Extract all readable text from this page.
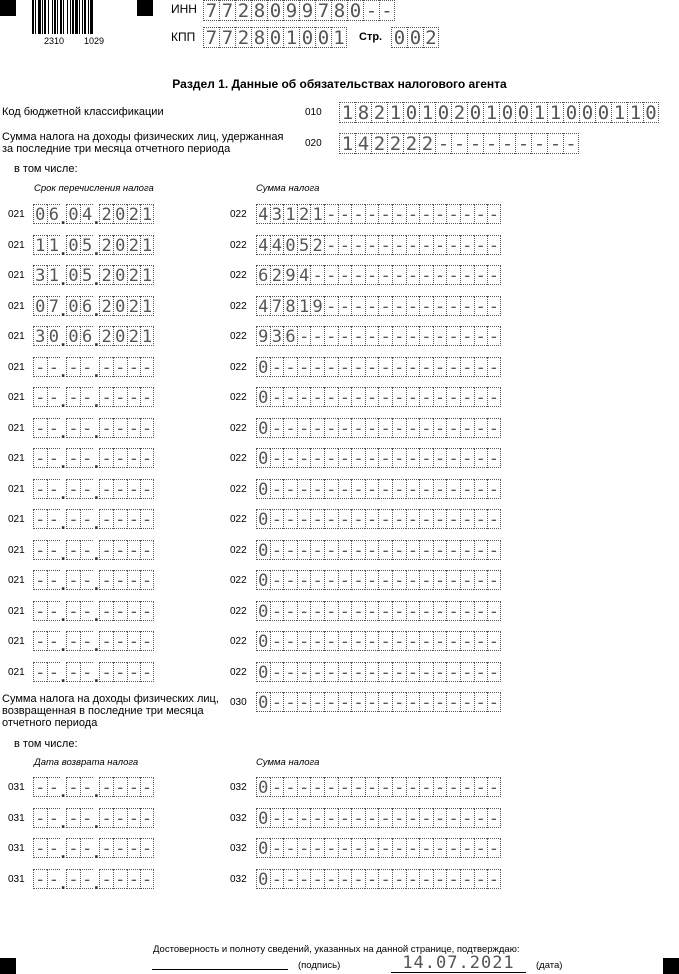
2310 1029
ИНН 7 7 2 8 0 9 9 7 8 0 - -
КПП 7 7 2 8 0 1 0 0 1 Стр. 0 0 2
Раздел 1. Данные об обязательствах налогового агента
Код бюджетной классификации	010 1 8 2 1 0 1 0 2 0 1 0 0 1 1 0 0 0 1 1 0
Сумма налога на доходы физических лиц, удержанная
за последние три месяца отчетного периода	020 1 4 2 2 2 2 - - - - - - - - -
в том числе:
Срок перечисления налога	Сумма налога
021 0 6 . 0 4 . 2 0 2 1	022 4 3 1 2 1 - - - - - - - - - - - - -
021 1 1 . 0 5 . 2 0 2 1	022 4 4 0 5 2 - - - - - - - - - - - - -
021 3 1 . 0 5 . 2 0 2 1	022 6 2 9 4 - - - - - - - - - - - - - -
021 0 7 . 0 6 . 2 0 2 1	022 4 7 8 1 9 - - - - - - - - - - - - -
021 3 0 . 0 6 . 2 0 2 1	022 9 3 6 - - - - - - - - - - - - - - -
021 - - . - - . - - - -	022 0 - - - - - - - - - - - - - - - - -
021 - - . - - . - - - -	022 0 - - - - - - - - - - - - - - - - -
021 - - . - - . - - - -	022 0 - - - - - - - - - - - - - - - - -
021 - - . - - . - - - -	022 0 - - - - - - - - - - - - - - - - -
021 - - . - - . - - - -	022 0 - - - - - - - - - - - - - - - - -
021 - - . - - . - - - -	022 0 - - - - - - - - - - - - - - - - -
021 - - . - - . - - - -	022 0 - - - - - - - - - - - - - - - - -
021 - - . - - . - - - -	022 0 - - - - - - - - - - - - - - - - -
021 - - . - - . - - - -	022 0 - - - - - - - - - - - - - - - - -
021 - - . - - . - - - -	022 0 - - - - - - - - - - - - - - - - -
021 - - . - - . - - - -	022 0 - - - - - - - - - - - - - - - - -
Сумма налога на доходы физических лиц,
возвращенная в последние три месяца
отчетного периода
030 0 - - - - - - - - - - - - - - - - -
в том числе:
Дата возврата налога	Сумма налога
031 - - . - - . - - - -	032 0 - - - - - - - - - - - - - - - - -
031 - - . - - . - - - -	032 0 - - - - - - - - - - - - - - - - -
031 - - . - - . - - - -	032 0 - - - - - - - - - - - - - - - - -
031 - - . - - . - - - -	032 0 - - - - - - - - - - - - - - - - -
Достоверность и полноту сведений, указанных на данной странице, подтверждаю:
(подпись)	14.07.2021	(дата)
